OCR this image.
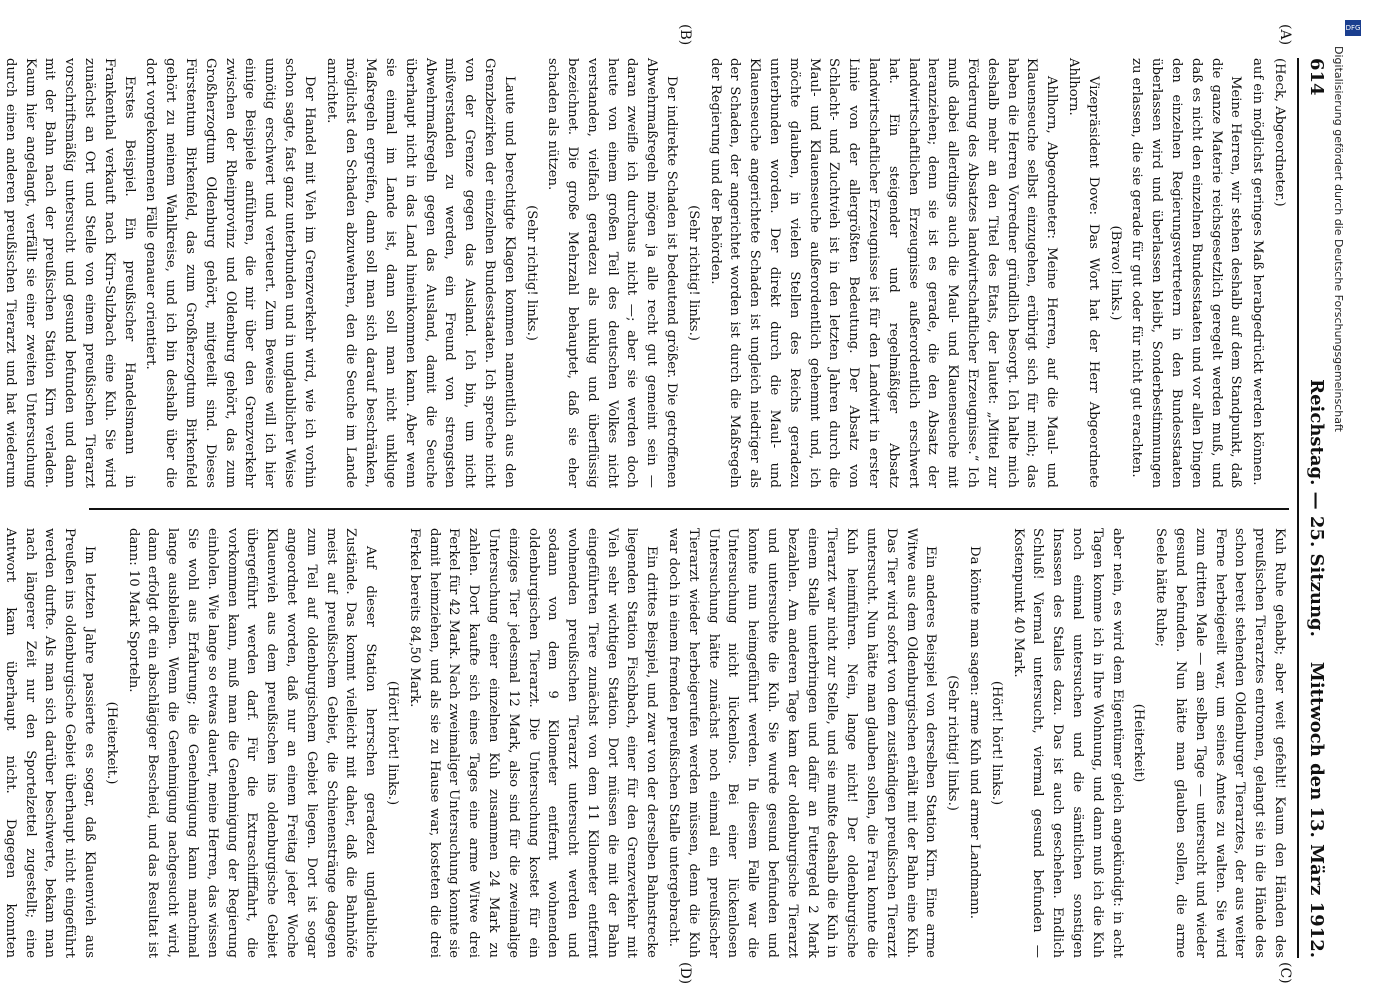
614
Reichstag. — 25. Sitzung.
Mittwoch den 13. März 1912.
(A)
(B)
(C)
(D)

(Heck, Abgeordneter.)

auf ein möglichst geringes Maß herabgedrückt werden können.

Meine Herren, wir stehen deshalb auf dem Standpunkt, daß die ganze Materie reichsgesetzlich geregelt werden muß, und daß es nicht den einzelnen Bundesstaaten und vor allen Dingen den einzelnen Regierungsvertretern in den Bundesstaaten überlassen wird und überlassen bleibt, Sonderbestimmungen zu erlassen, die sie gerade für gut oder für nicht gut erachten.

(Bravo! links.)

Vizepräsident Dove: Das Wort hat der Herr Abgeordnete Ahlhorn.

Ahlhorn, Abgeordneter: Meine Herren, auf die Maul- und Klauenseuche selbst einzugehen, erübrigt sich für mich; das haben die Herren Vorredner gründlich besorgt. Ich halte mich deshalb mehr an den Titel des Etats, der lautet: „Mittel zur Förderung des Absatzes landwirtschaftlicher Erzeugnisse.“ Ich muß dabei allerdings auch die Maul- und Klauenseuche mit heranziehen; denn sie ist es gerade, die den Absatz der landwirtschaftlichen Erzeugnisse außerordentlich erschwert hat. Ein steigender und regelmäßiger Absatz landwirtschaftlicher Erzeugnisse ist für den Landwirt in erster Linie von der allergrößten Bedeutung. Der Absatz von Schlacht- und Zuchtvieh ist in den letzten Jahren durch die Maul- und Klauenseuche außerordentlich gehemmt und, ich möchte glauben, in vielen Stellen des Reichs geradezu unterbunden worden. Der direkt durch die Maul- und Klauenseuche angerichtete Schaden ist ungleich niedriger als der Schaden, der angerichtet worden ist durch die Maßregeln der Regierung und der Behörden.

(Sehr richtig! links.)

Der indirekte Schaden ist bedeutend größer. Die getroffenen Abwehrmaßregeln mögen ja alle recht gut gemeint sein — daran zweifle ich durchaus nicht —; aber sie werden doch heute von einem großen Teil des deutschen Volkes nicht verstanden, vielfach geradezu als unklug und überflüssig bezeichnet. Die große Mehrzahl behauptet, daß sie eher schaden als nützen.

(Sehr richtig! links.)

Laute und berechtigte Klagen kommen namentlich aus den Grenzbezirken der einzelnen Bundesstaaten. Ich spreche nicht von der Grenze gegen das Ausland. Ich bin, um nicht mißverstanden zu werden, ein Freund von strengsten Abwehrmaßregeln gegen das Ausland, damit die Seuche überhaupt nicht in das Land hineinkommen kann. Aber wenn sie einmal im Lande ist, dann soll man nicht unkluge Maßregeln ergreifen, dann soll man sich darauf beschränken, möglichst den Schaden abzuwehren, den die Seuche im Lande anrichtet.

Der Handel mit Vieh im Grenzverkehr wird, wie ich vorhin schon sagte, fast ganz unterbunden und in unglaublicher Weise unnötig erschwert und verteuert. Zum Beweise will ich hier einige Beispiele anführen, die mir über den Grenzverkehr zwischen der Rheinprovinz und Oldenburg gehört, das zum Großherzogtum Oldenburg gehört, mitgeteilt sind. Dieses Fürstentum Birkenfeld, das zum Großherzogtum Birkenfeld gehört zu meinem Wahlkreise, und ich bin deshalb über die dort vorgekommenen Fälle genauer orientiert.

Erstes Beispiel. Ein preußischer Handelsmann in Frankenthal verkauft nach Kirn-Sulzbach eine Kuh. Sie wird zunächst an Ort und Stelle von einem preußischen Tierarzt vorschriftsmäßig untersucht und gesund befunden und dann mit der Bahn nach der preußischen Station Kirn verladen. Kaum hier angelangt, verfällt sie einer zweiten Untersuchung durch einen anderen preußischen Tierarzt und hat wiederum

Kuh Ruhe gehabt; aber weit gefehlt! Kaum den Händen des preußischen Tierarztes entronnen, gelangt sie in die Hände des schon bereit stehenden Oldenburger Tierarztes, der aus weiter Ferne herbeigeeilt war, um seines Amtes zu walten. Sie wird zum dritten Male — am selben Tage — untersucht und wieder gesund befunden. Nun hätte man glauben sollen, die arme Seele hätte Ruhe;

(Heiterkeit)

aber nein, es wird dem Eigentümer gleich angekündigt: in acht Tagen komme ich in Ihre Wohnung, und dann muß ich die Kuh noch einmal untersuchen und die sämtlichen sonstigen Insassen des Stalles dazu. Das ist auch geschehen. Endlich Schluß! Viermal untersucht, viermal gesund befunden — Kostenpunkt 40 Mark.

(Hört! hört! links.)

Da könnte man sagen: arme Kuh und armer Landmann.

(Sehr richtig! links.)

Ein anderes Beispiel von derselben Station Kirn. Eine arme Witwe aus dem Oldenburgischen erhält mit der Bahn eine Kuh. Das Tier wird sofort von dem zuständigen preußischen Tierarzt untersucht. Nun hätte man glauben sollen, die Frau konnte die Kuh heimführen. Nein, lange nicht! Der oldenburgische Tierarzt war nicht zur Stelle, und sie mußte deshalb die Kuh in einem Stalle unterbringen und dafür an Futtergeld 2 Mark bezahlen. Am anderen Tage kam der oldenburgische Tierarzt und untersuchte die Kuh. Sie wurde gesund befunden und konnte nun heimgeführt werden. In diesem Falle war die Untersuchung nicht lückenlos. Bei einer lückenlosen Untersuchung hätte zunächst noch einmal ein preußischer Tierarzt wieder herbeigerufen werden müssen, denn die Kuh war doch in einem fremden preußischen Stalle untergebracht.

Ein drittes Beispiel, und zwar von der derselben Bahnstrecke liegenden Station Fischbach, einer für den Grenzverkehr mit Vieh sehr wichtigen Station. Dort müssen die mit der Bahn eingeführten Tiere zunächst von dem 11 Kilometer entfernt wohnenden preußischen Tierarzt untersucht werden und sodann von dem 9 Kilometer entfernt wohnenden oldenburgischen Tierarzt. Die Untersuchung kostet für ein einziges Tier jedesmal 12 Mark, also sind für die zweimalige Untersuchung einer einzelnen Kuh zusammen 24 Mark zu zahlen. Dort kaufte sich eines Tages eine arme Witwe drei Ferkel für 42 Mark. Nach zweimaliger Untersuchung konnte sie damit heimziehen, und als sie zu Hause war, kosteten die drei Ferkel bereits 84,50 Mark.

(Hört! hört! links.)

Auf dieser Station herrschen geradezu unglaubliche Zustände. Das kommt vielleicht mit daher, daß die Bahnhöfe meist auf preußischem Gebiet, die Schienenstränge dagegen zum Teil auf oldenburgischem Gebiet liegen. Dort ist sogar angeordnet worden, daß nur an einem Freitag jeder Woche Klauenvieh aus dem preußischen ins oldenburgische Gebiet übergeführt werden darf. Für die Extraschifffahrt, die vorkommen kann, muß man die Genehmigung der Regierung einholen. Wie lange so etwas dauert, meine Herren, das wissen Sie wohl aus Erfahrung; die Genehmigung kann manchmal lange ausbleiben. Wenn die Genehmigung nachgesucht wird, dann erfolgt oft ein abschlägiger Bescheid, und das Resultat ist dann: 10 Mark Sporteln.

(Heiterkeit.)

Im letzten Jahre passierte es sogar, daß Klauenvieh aus Preußen ins oldenburgische Gebiet überhaupt nicht eingeführt werden durfte. Als man sich darüber beschwerte, bekam man nach längerer Zeit nur den Sportelzettel zugestellt; eine Antwort kam überhaupt nicht. Dagegen konnten

DFG
Digitalisierung gefördert durch die Deutsche Forschungsgemeinschaft
